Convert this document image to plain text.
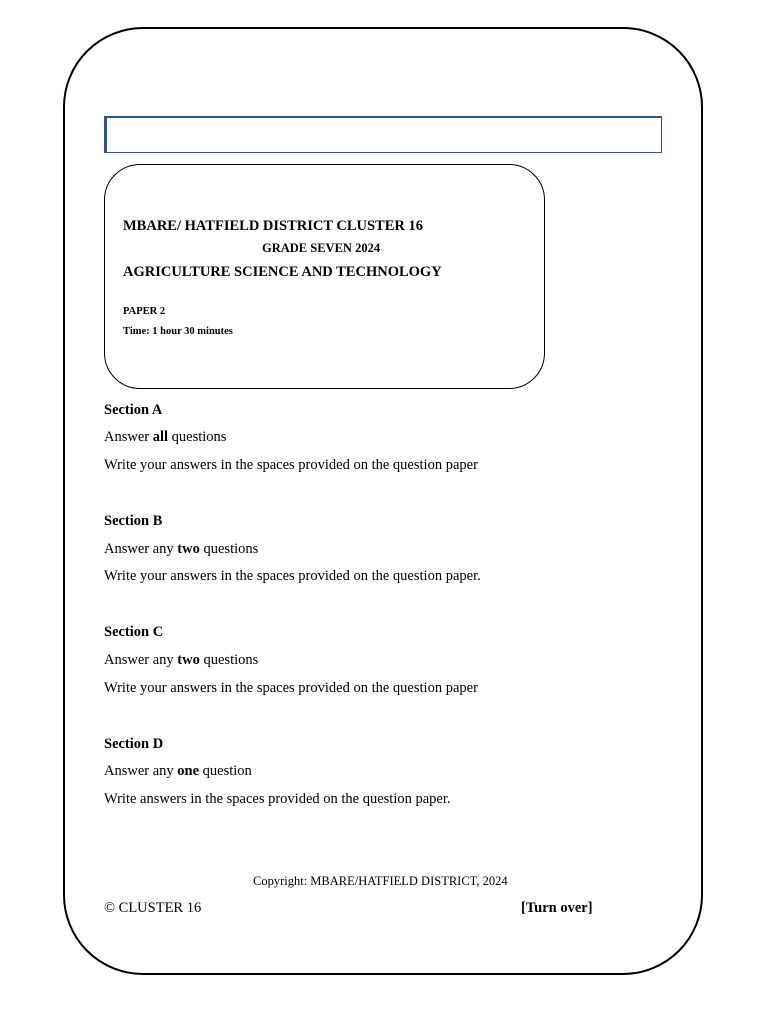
MBARE/ HATFIELD DISTRICT CLUSTER 16
GRADE SEVEN 2024
AGRICULTURE SCIENCE AND TECHNOLOGY
PAPER 2
Time: 1 hour 30 minutes
Section A
Answer all questions
Write your answers in the spaces provided on the question paper
Section B
Answer any two questions
Write your answers in the spaces provided on the question paper.
Section C
Answer any two questions
Write your answers in the spaces provided on the question paper
Section D
Answer any one question
Write answers in the spaces provided on the question paper.
Copyright: MBARE/HATFIELD DISTRICT, 2024
© CLUSTER 16	[Turn over]
